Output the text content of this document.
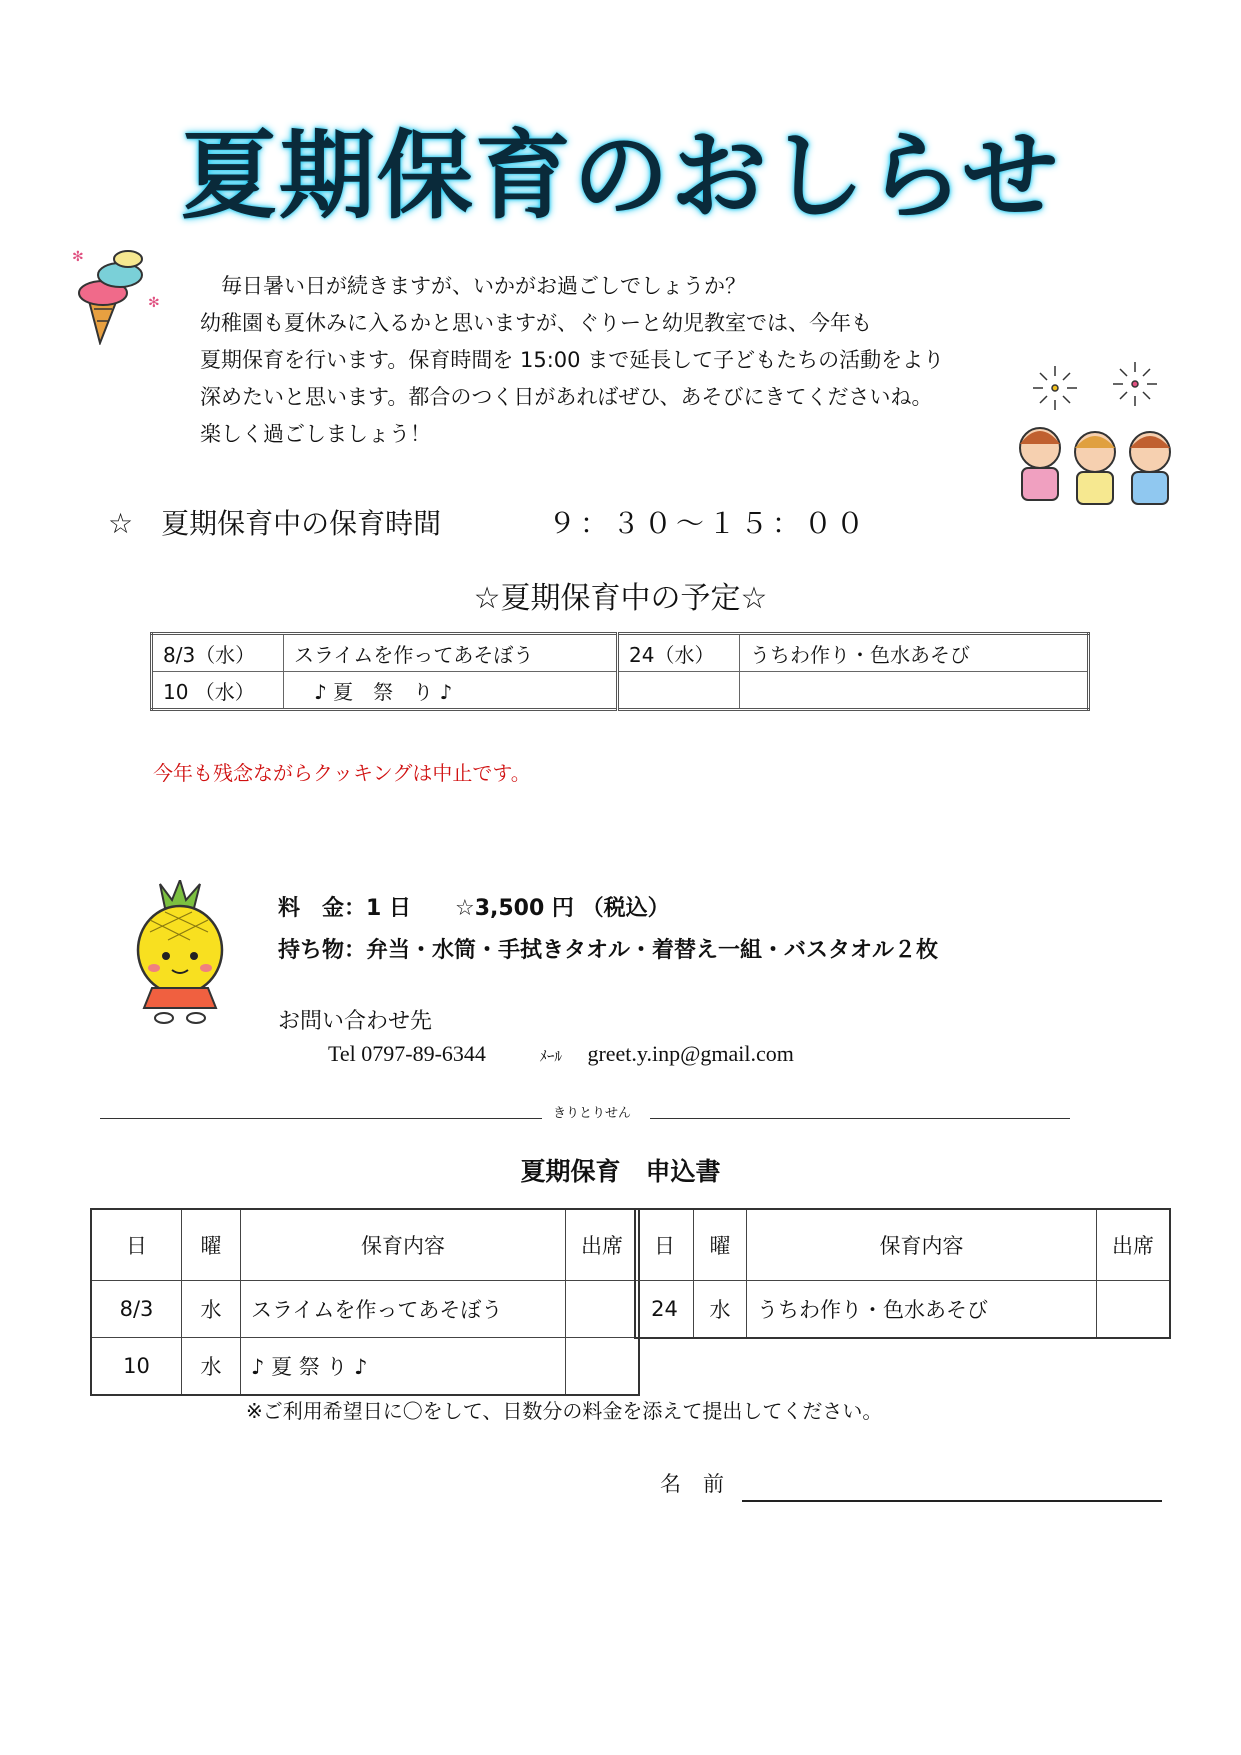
夏期保育のおしらせ
✻
✻
　毎日暑い日が続きますが、いかがお過ごしでしょうか？
幼稚園も夏休みに入るかと思いますが、ぐりーと幼児教室では、今年も
夏期保育を行います。保育時間を 15:00 まで延長して子どもたちの活動をより
深めたいと思います。都合のつく日があればぜひ、あそびにきてくださいね。
楽しく過ごしましょう！
☆　夏期保育中の保育時間	９：３０～１５：００
☆夏期保育中の予定☆
8/3（水）	スライムを作ってあそぼう	24（水）	うちわ作り・色水あそび
10 （水）	　♪ 夏　祭　り ♪		
今年も残念ながらクッキングは中止です。
料　金：1 日　　☆3,500 円 （税込）
持ち物：弁当・水筒・手拭きタオル・着替え一組・バスタオル２枚
お問い合わせ先
Tel 0797-89-6344	ﾒｰﾙ greet.y.inp@gmail.com
きりとりせん
夏期保育　申込書
日	曜	保育内容	出席
8/3	水	スライムを作ってあそぼう	
10	水	♪ 夏 祭 り ♪	
日	曜	保育内容	出席
24	水	うちわ作り・色水あそび	
※ご利用希望日に〇をして、日数分の料金を添えて提出してください。
名前
